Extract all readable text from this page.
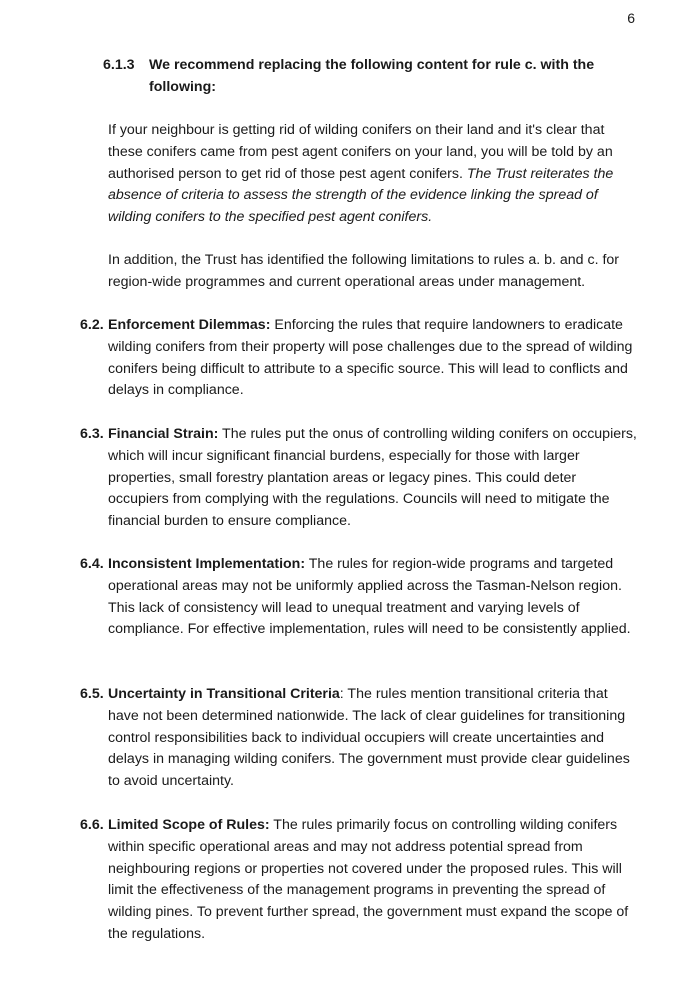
6
6.1.3 We recommend replacing the following content for rule c. with the following:
If your neighbour is getting rid of wilding conifers on their land and it's clear that these conifers came from pest agent conifers on your land, you will be told by an authorised person to get rid of those pest agent conifers. The Trust reiterates the absence of criteria to assess the strength of the evidence linking the spread of wilding conifers to the specified pest agent conifers.
In addition, the Trust has identified the following limitations to rules a. b. and c. for region-wide programmes and current operational areas under management.
6.2. Enforcement Dilemmas: Enforcing the rules that require landowners to eradicate wilding conifers from their property will pose challenges due to the spread of wilding conifers being difficult to attribute to a specific source. This will lead to conflicts and delays in compliance.
6.3. Financial Strain: The rules put the onus of controlling wilding conifers on occupiers, which will incur significant financial burdens, especially for those with larger properties, small forestry plantation areas or legacy pines. This could deter occupiers from complying with the regulations. Councils will need to mitigate the financial burden to ensure compliance.
6.4. Inconsistent Implementation: The rules for region-wide programs and targeted operational areas may not be uniformly applied across the Tasman-Nelson region. This lack of consistency will lead to unequal treatment and varying levels of compliance. For effective implementation, rules will need to be consistently applied.
6.5. Uncertainty in Transitional Criteria: The rules mention transitional criteria that have not been determined nationwide. The lack of clear guidelines for transitioning control responsibilities back to individual occupiers will create uncertainties and delays in managing wilding conifers. The government must provide clear guidelines to avoid uncertainty.
6.6. Limited Scope of Rules: The rules primarily focus on controlling wilding conifers within specific operational areas and may not address potential spread from neighbouring regions or properties not covered under the proposed rules. This will limit the effectiveness of the management programs in preventing the spread of wilding pines. To prevent further spread, the government must expand the scope of the regulations.
